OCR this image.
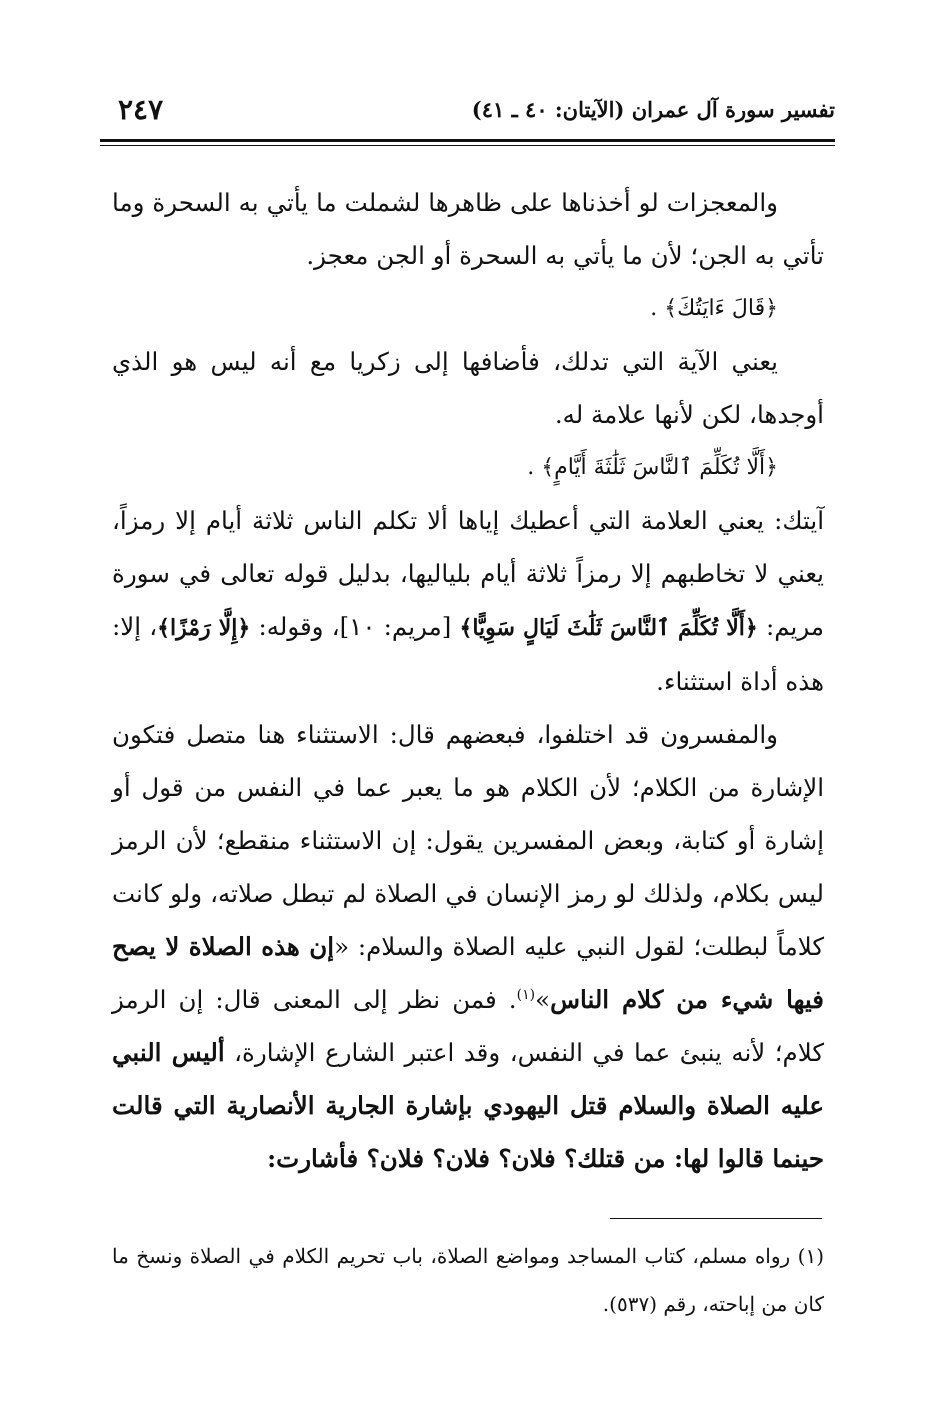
تفسير سورة آل عمران (الآيتان: ٤٠ ـ ٤١)
٢٤٧

والمعجزات لو أخذناها على ظاهرها لشملت ما يأتي به السحرة وما تأتي به الجن؛ لأن ما يأتي به السحرة أو الجن معجز.

﴿قَالَ ءَايَتُكَ﴾ .

يعني الآية التي تدلك، فأضافها إلى زكريا مع أنه ليس هو الذي أوجدها، لكن لأنها علامة له.

﴿أَلَّا تُكَلِّمَ ٱلنَّاسَ ثَلَٰثَةَ أَيَّامٍ﴾ .

آيتك: يعني العلامة التي أعطيك إياها ألا تكلم الناس ثلاثة أيام إلا رمزاً، يعني لا تخاطبهم إلا رمزاً ثلاثة أيام بلياليها، بدليل قوله تعالى في سورة مريم: ﴿أَلَّا تُكَلِّمَ ٱلنَّاسَ ثَلَٰثَ لَيَالٍ سَوِيًّا﴾ [مريم: ١٠]، وقوله: ﴿إِلَّا رَمْزًا﴾، إلا: هذه أداة استثناء.

والمفسرون قد اختلفوا، فبعضهم قال: الاستثناء هنا متصل فتكون الإشارة من الكلام؛ لأن الكلام هو ما يعبر عما في النفس من قول أو إشارة أو كتابة، وبعض المفسرين يقول: إن الاستثناء منقطع؛ لأن الرمز ليس بكلام، ولذلك لو رمز الإنسان في الصلاة لم تبطل صلاته، ولو كانت كلاماً لبطلت؛ لقول النبي عليه الصلاة والسلام: «إن هذه الصلاة لا يصح فيها شيء من كلام الناس»$^{(١)}$. فمن نظر إلى المعنى قال: إن الرمز كلام؛ لأنه ينبئ عما في النفس، وقد اعتبر الشارع الإشارة، أليس النبي عليه الصلاة والسلام قتل اليهودي بإشارة الجارية الأنصارية التي قالت حينما قالوا لها: من قتلك؟ فلان؟ فلان؟ فلان؟ فأشارت:

(١) رواه مسلم، كتاب المساجد ومواضع الصلاة، باب تحريم الكلام في الصلاة ونسخ ما كان من إباحته، رقم (٥٣٧).
